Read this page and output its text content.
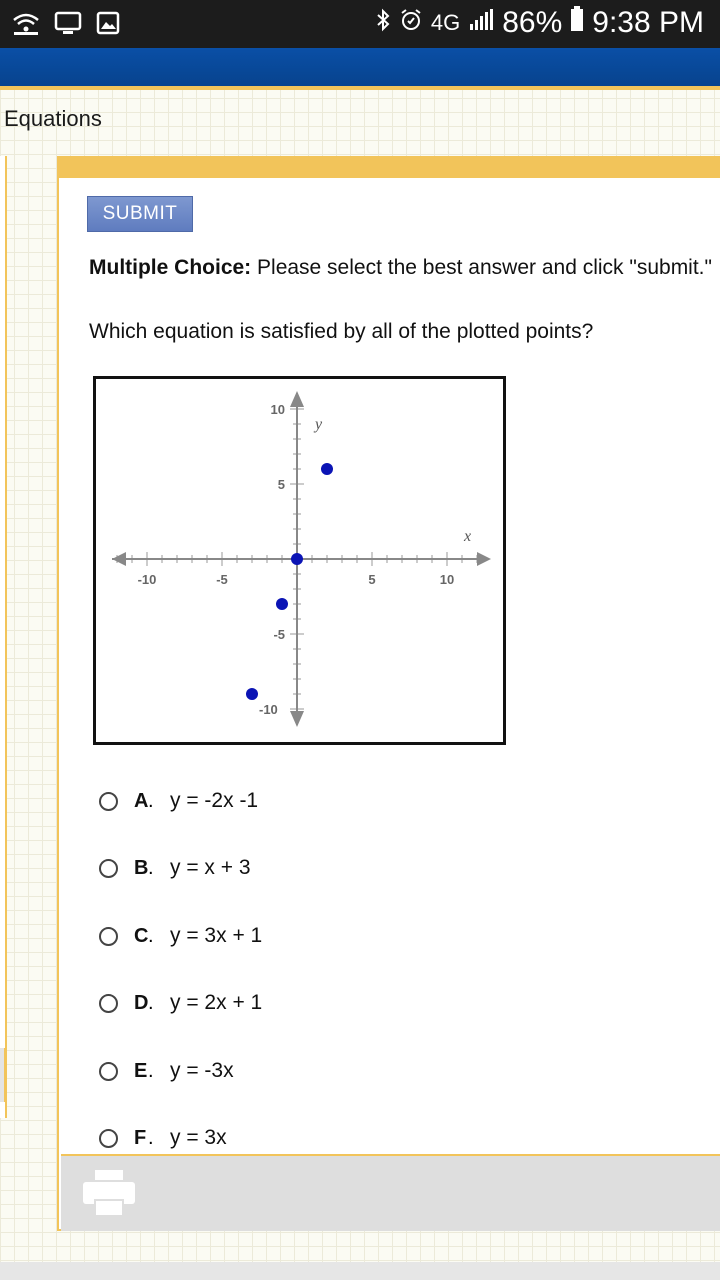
4G 86% 9:38 PM
Equations
SUBMIT
Multiple Choice: Please select the best answer and click "submit."
Which equation is satisfied by all of the plotted points?
x
y
-10	-5	5	10
10
5
-5
-10
A . y = -2x -1
B . y = x + 3
C . y = 3x + 1
D . y = 2x + 1
E . y = -3x
F . y = 3x
